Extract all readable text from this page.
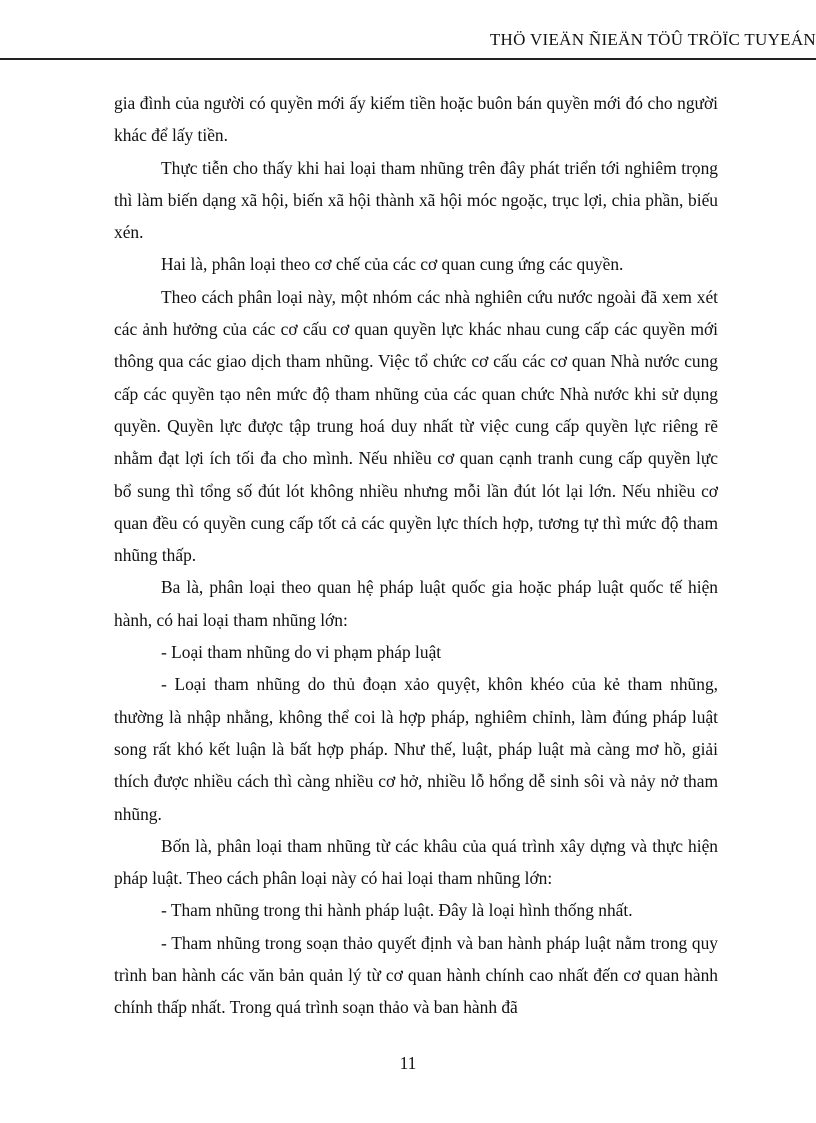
THÖ VIEÄN ÑIEÄN TÖÛ TRÖÏC TUYEÁN

gia đình của người có quyền mới ấy kiếm tiền hoặc buôn bán quyền mới đó cho người khác để lấy tiền.

Thực tiễn cho thấy khi hai loại tham nhũng trên đây phát triển tới nghiêm trọng thì làm biến dạng xã hội, biến xã hội thành xã hội móc ngoặc, trục lợi, chia phần, biếu xén.

Hai là, phân loại theo cơ chế của các cơ quan cung ứng các quyền.

Theo cách phân loại này, một nhóm các nhà nghiên cứu nước ngoài đã xem xét các ảnh hưởng của các cơ cấu cơ quan quyền lực khác nhau cung cấp các quyền mới thông qua các giao dịch tham nhũng. Việc tổ chức cơ cấu các cơ quan Nhà nước cung cấp các quyền tạo nên mức độ tham nhũng của các quan chức Nhà nước khi sử dụng quyền. Quyền lực được tập trung hoá duy nhất từ việc cung cấp quyền lực riêng rẽ nhằm đạt lợi ích tối đa cho mình. Nếu nhiều cơ quan cạnh tranh cung cấp quyền lực bổ sung thì tổng số đút lót không nhiều nhưng mỗi lần đút lót lại lớn. Nếu nhiều cơ quan đều có quyền cung cấp tốt cả các quyền lực thích hợp, tương tự thì mức độ tham nhũng thấp.

Ba là, phân loại theo quan hệ pháp luật quốc gia hoặc pháp luật quốc tế hiện hành, có hai loại tham nhũng lớn:

- Loại tham nhũng do vi phạm pháp luật

- Loại tham nhũng do thủ đoạn xảo quyệt, khôn khéo của kẻ tham nhũng, thường là nhập nhằng, không thể coi là hợp pháp, nghiêm chỉnh, làm đúng pháp luật song rất khó kết luận là bất hợp pháp. Như thế, luật, pháp luật mà càng mơ hồ, giải thích được nhiều cách thì càng nhiều cơ hở, nhiều lỗ hổng dễ sinh sôi và nảy nở tham nhũng.

Bốn là, phân loại tham nhũng từ các khâu của quá trình xây dựng và thực hiện pháp luật. Theo cách phân loại này có hai loại tham nhũng lớn:

- Tham nhũng trong thi hành pháp luật. Đây là loại hình thống nhất.

- Tham nhũng trong soạn thảo quyết định và ban hành pháp luật nằm trong quy trình ban hành các văn bản quản lý từ cơ quan hành chính cao nhất đến cơ quan hành chính thấp nhất. Trong quá trình soạn thảo và ban hành đã

11
